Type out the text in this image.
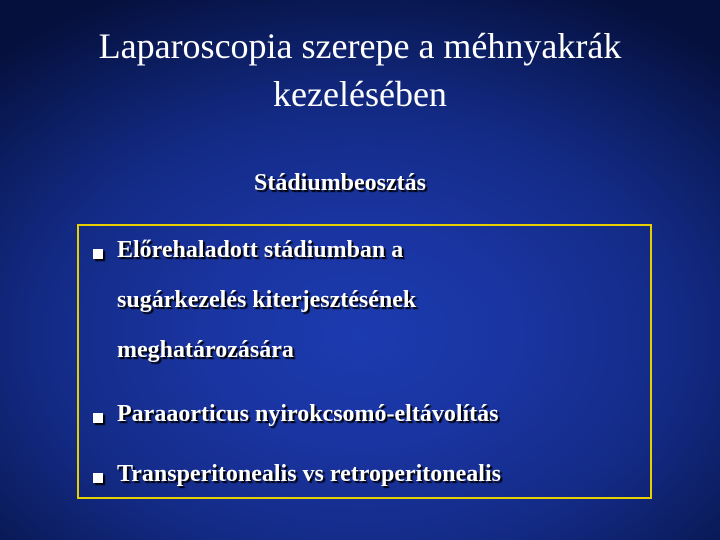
Laparoscopia szerepe a méhnyakrák
kezelésében
Stádiumbeosztás
Előrehaladott stádiumban a
sugárkezelés kiterjesztésének
meghatározására
Paraaorticus nyirokcsomó-eltávolítás
Transperitonealis vs retroperitonealis
